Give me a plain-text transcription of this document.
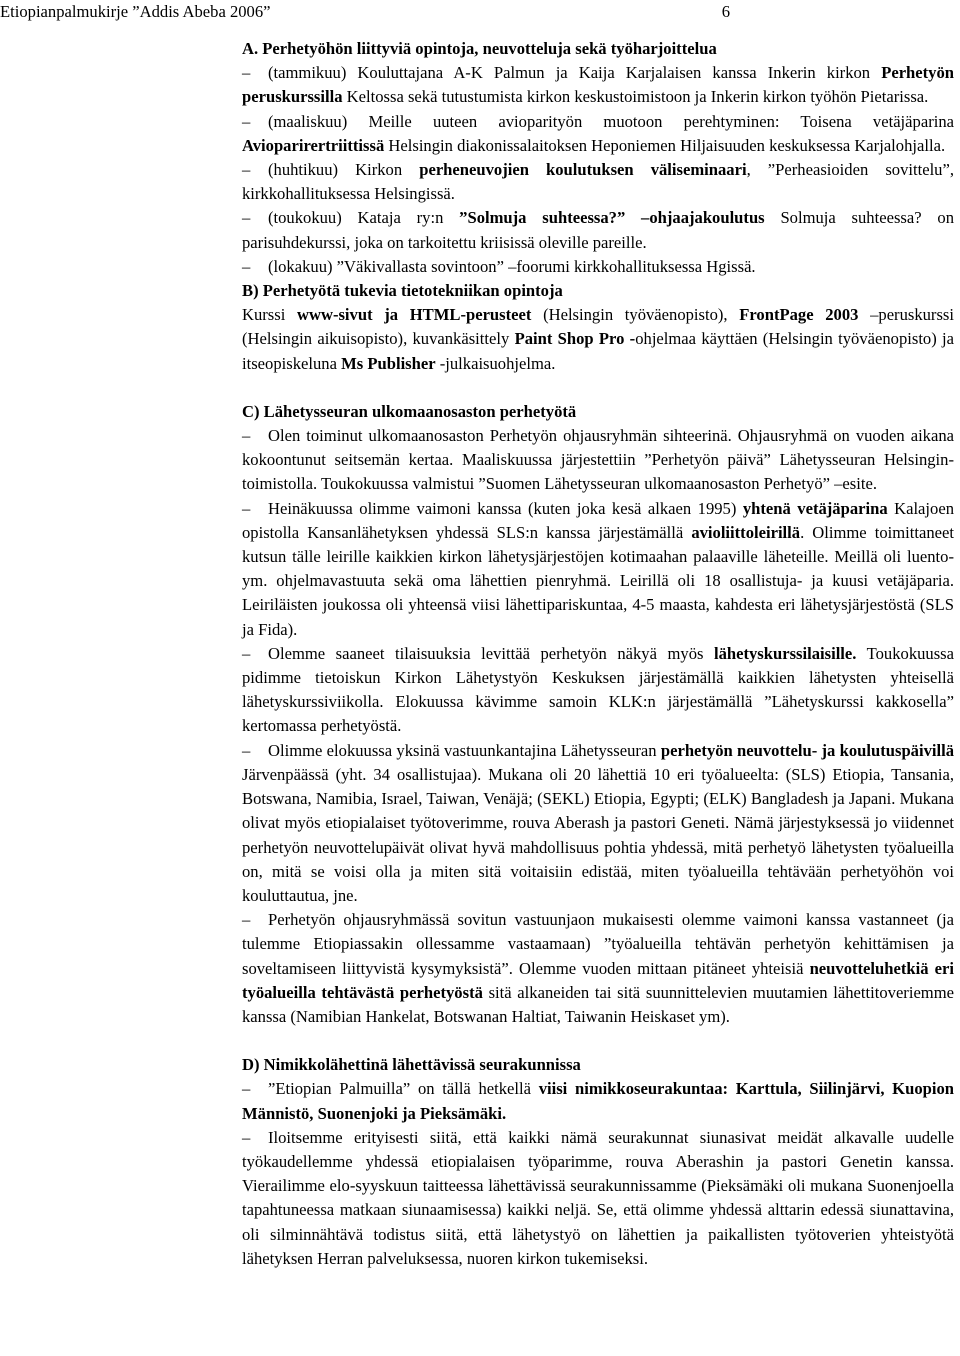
Etiopianpalmukirje ”Addis Abeba 2006”	6
A. Perhetyöhön liittyviä opintoja, neuvotteluja sekä työharjoittelua

– (tammikuu) Kouluttajana A-K Palmun ja Kaija Karjalaisen kanssa Inkerin kirkon Perhetyön peruskurssilla Keltossa sekä tutustumista kirkon keskustoimistoon ja Inkerin kirkon työhön Pietarissa.

– (maaliskuu) Meille uuteen avioparityön muotoon perehtyminen: Toisena vetäjäparina Avioparirertriittissä Helsingin diakonissalaitoksen Heponiemen Hiljaisuuden keskuksessa Karjalohjalla.

– (huhtikuu) Kirkon perheneuvojien koulutuksen väliseminaari, ”Perheasioiden sovittelu”, kirkkohallituksessa Helsingissä.

– (toukokuu) Kataja ry:n ”Solmuja suhteessa?” –ohjaajakoulutus Solmuja suhteessa? on parisuhdekurssi, joka on tarkoitettu kriisissä oleville pareille.

– (lokakuu) ”Väkivallasta sovintoon” –foorumi kirkkohallituksessa Hgissä.

B) Perhetyötä tukevia tietotekniikan opintoja

Kurssi www-sivut ja HTML-perusteet (Helsingin työväenopisto), FrontPage 2003 –peruskurssi (Helsingin aikuisopisto), kuvankäsittely Paint Shop Pro -ohjelmaa käyttäen (Helsingin työväenopisto) ja itseopiskeluna Ms Publisher -julkaisuohjelma.

C) Lähetysseuran ulkomaanosaston perhetyötä

– Olen toiminut ulkomaanosaston Perhetyön ohjausryhmän sihteerinä. Ohjausryhmä on vuoden aikana kokoontunut seitsemän kertaa. Maaliskuussa järjestettiin ”Perhetyön päivä” Lähetysseuran Helsingin-toimistolla. Toukokuussa valmistui ”Suomen Lähetysseuran ulkomaanosaston Perhetyö” –esite.

– Heinäkuussa olimme vaimoni kanssa (kuten joka kesä alkaen 1995) yhtenä vetäjäparina Kalajoen opistolla Kansanlähetyksen yhdessä SLS:n kanssa järjestämällä avioliittoleirillä. Olimme toimittaneet kutsun tälle leirille kaikkien kirkon lähetysjärjestöjen kotimaahan palaaville läheteille. Meillä oli luento- ym. ohjelmavastuuta sekä oma lähettien pienryhmä. Leirillä oli 18 osallistuja- ja kuusi vetäjäparia. Leiriläisten joukossa oli yhteensä viisi lähettipariskuntaa, 4-5 maasta, kahdesta eri lähetysjärjestöstä (SLS ja Fida).

– Olemme saaneet tilaisuuksia levittää perhetyön näkyä myös lähetyskurssilaisille. Toukokuussa pidimme tietoiskun Kirkon Lähetystyön Keskuksen järjestämällä kaikkien lähetysten yhteisellä lähetyskurssiviikolla. Elokuussa kävimme samoin KLK:n järjestämällä ”Lähetyskurssi kakkosella” kertomassa perhetyöstä.

– Olimme elokuussa yksinä vastuunkantajina Lähetysseuran perhetyön neuvottelu- ja koulutuspäivillä Järvenpäässä (yht. 34 osallistujaa). Mukana oli 20 lähettiä 10 eri työalueelta: (SLS) Etiopia, Tansania, Botswana, Namibia, Israel, Taiwan, Venäjä; (SEKL) Etiopia, Egypti; (ELK) Bangladesh ja Japani. Mukana olivat myös etiopialaiset työtoverimme, rouva Aberash ja pastori Geneti. Nämä järjestyksessä jo viidennet perhetyön neuvottelupäivät olivat hyvä mahdollisuus pohtia yhdessä, mitä perhetyö lähetysten työalueilla on, mitä se voisi olla ja miten sitä voitaisiin edistää, miten työalueilla tehtävään perhetyöhön voi kouluttautua, jne.

– Perhetyön ohjausryhmässä sovitun vastuunjaon mukaisesti olemme vaimoni kanssa vastanneet (ja tulemme Etiopiassakin ollessamme vastaamaan) ”työalueilla tehtävän perhetyön kehittämisen ja soveltamiseen liittyvistä kysymyksistä”. Olemme vuoden mittaan pitäneet yhteisiä neuvotteluhetkiä eri työalueilla tehtävästä perhetyöstä sitä alkaneiden tai sitä suunnittelevien muutamien lähettitoveriemme kanssa (Namibian Hankelat, Botswanan Haltiat, Taiwanin Heiskaset ym).

D) Nimikkolähettinä lähettävissä seurakunnissa

– ”Etiopian Palmuilla” on tällä hetkellä viisi nimikkoseurakuntaa: Karttula, Siilinjärvi, Kuopion Männistö, Suonenjoki ja Pieksämäki.

– Iloitsemme erityisesti siitä, että kaikki nämä seurakunnat siunasivat meidät alkavalle uudelle työkaudellemme yhdessä etiopialaisen työparimme, rouva Aberashin ja pastori Genetin kanssa. Vierailimme elo-syyskuun taitteessa lähettävissä seurakunnissamme (Pieksämäki oli mukana Suonenjoella tapahtuneessa matkaan siunaamisessa) kaikki neljä. Se, että olimme yhdessä alttarin edessä siunattavina, oli silminnähtävä todistus siitä, että lähetystyö on lähettien ja paikallisten työtoverien yhteistyötä lähetyksen Herran palveluksessa, nuoren kirkon tukemiseksi.
